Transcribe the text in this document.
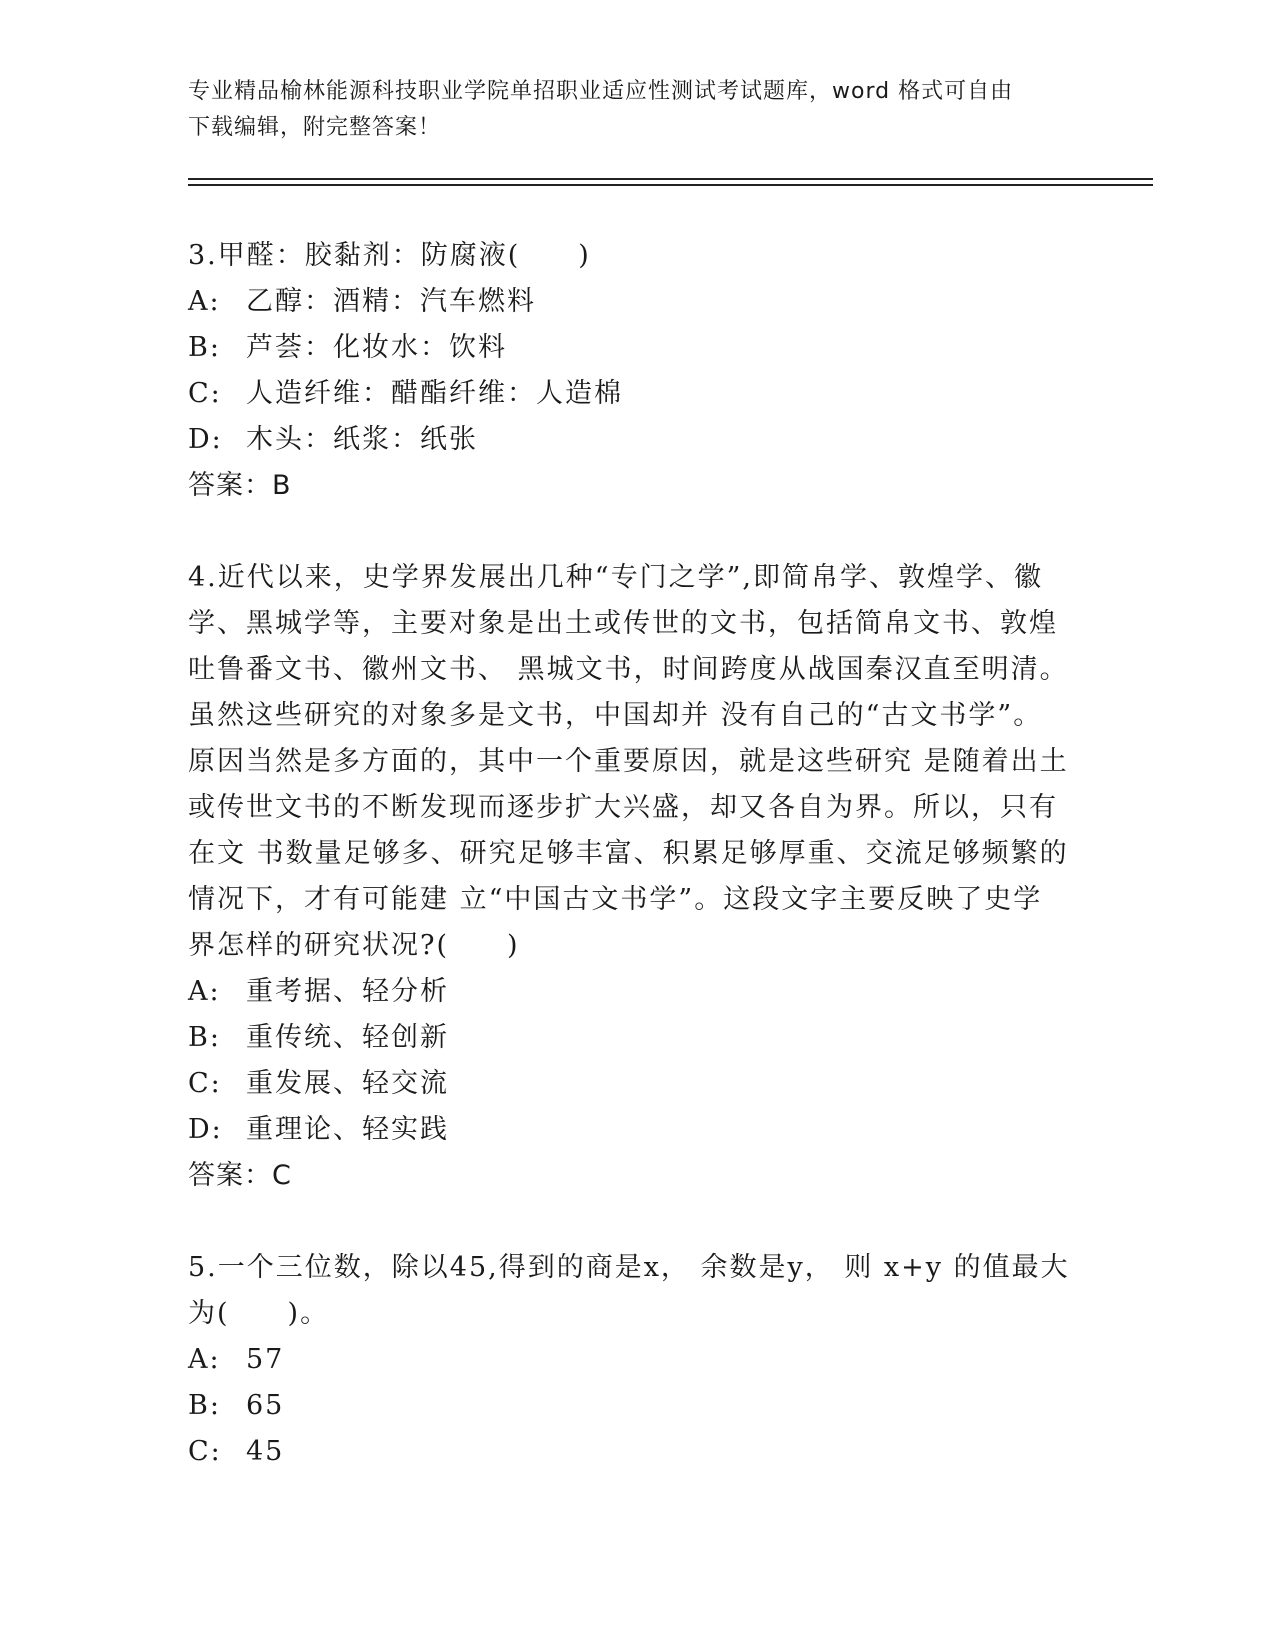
专业精品榆林能源科技职业学院单招职业适应性测试考试题库，word 格式可自由
下载编辑，附完整答案！
3.甲醛：胶黏剂：防腐液(　　)
A: 乙醇：酒精：汽车燃料
B: 芦荟：化妆水：饮料
C: 人造纤维：醋酯纤维：人造棉
D: 木头：纸浆：纸张
答案：B
4.近代以来，史学界发展出几种“专门之学”,即简帛学、敦煌学、徽
学、黑城学等，主要对象是出土或传世的文书，包括简帛文书、敦煌
吐鲁番文书、徽州文书、 黑城文书，时间跨度从战国秦汉直至明清。
虽然这些研究的对象多是文书，中国却并 没有自己的“古文书学”。
原因当然是多方面的，其中一个重要原因，就是这些研究 是随着出土
或传世文书的不断发现而逐步扩大兴盛，却又各自为界。所以，只有
在文 书数量足够多、研究足够丰富、积累足够厚重、交流足够频繁的
情况下，才有可能建 立“中国古文书学”。这段文字主要反映了史学
界怎样的研究状况?(　　)
A: 重考据、轻分析
B: 重传统、轻创新
C: 重发展、轻交流
D: 重理论、轻实践
答案：C
5.一个三位数，除以45,得到的商是x， 余数是y， 则 x+y 的值最大
为(　　)。
A: 57
B: 65
C: 45
